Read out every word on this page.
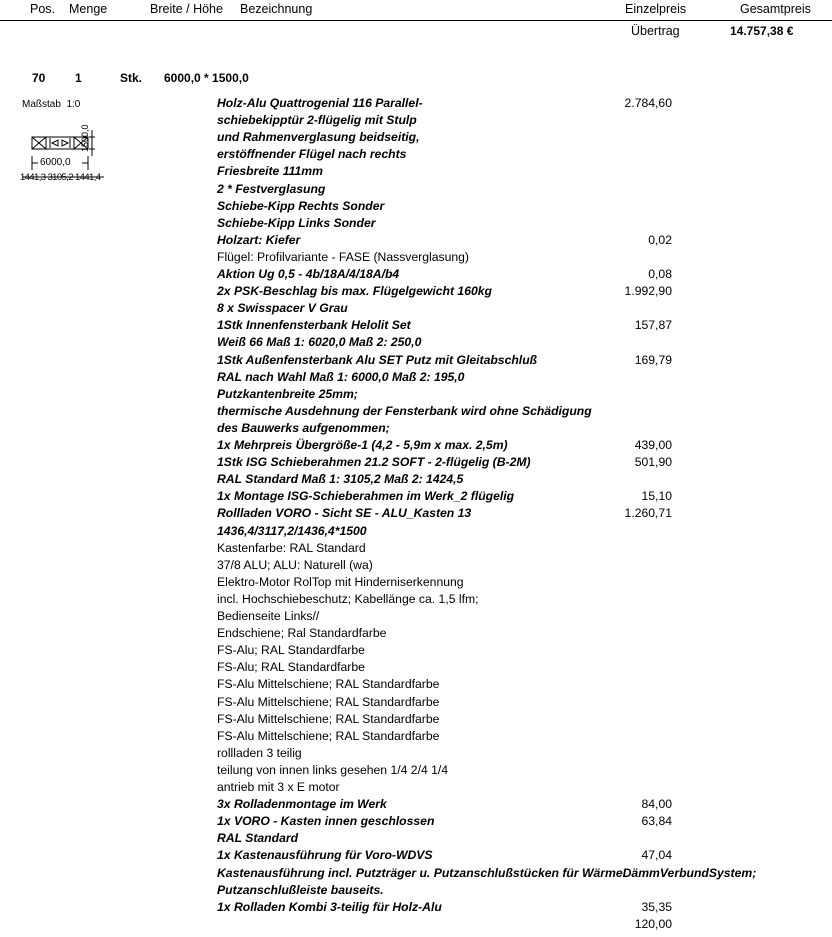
Pos. Menge	Breite / Höhe Bezeichnung	Einzelpreis	Gesamtpreis
Übertrag	14.757,38 €
70 1	Stk. 6000,0 * 1500,0
Maßstab 1:0
6000,0
1500,0
1441,3 3105,2 1441,4
Holz-Alu Quattrogenial 116 Parallel-	2.784,60
schiebekipptür 2-flügelig mit Stulp
und Rahmenverglasung beidseitig,
erstöffnender Flügel nach rechts
Friesbreite 111mm
2 * Festverglasung
Schiebe-Kipp Rechts Sonder
Schiebe-Kipp Links Sonder
Holzart: Kiefer	0,02
Flügel: Profilvariante - FASE (Nassverglasung)
Aktion Ug 0,5 - 4b/18A/4/18A/b4	0,08
2x PSK-Beschlag bis max. Flügelgewicht 160kg	1.992,90
8 x Swisspacer V Grau
1Stk Innenfensterbank Helolit Set	157,87
Weiß 66 Maß 1: 6020,0 Maß 2: 250,0
1Stk Außenfensterbank Alu SET Putz mit Gleitabschluß	169,79
RAL nach Wahl Maß 1: 6000,0 Maß 2: 195,0
Putzkantenbreite 25mm;
thermische Ausdehnung der Fensterbank wird ohne Schädigung
des Bauwerks aufgenommen;
1x Mehrpreis Übergröße-1 (4,2 - 5,9m x max. 2,5m)	439,00
1Stk ISG Schieberahmen 21.2 SOFT - 2-flügelig (B-2M)	501,90
RAL Standard Maß 1: 3105,2 Maß 2: 1424,5
1x Montage ISG-Schieberahmen im Werk_2 flügelig	15,10
Rollladen VORO - Sicht SE - ALU_Kasten 13	1.260,71
1436,4/3117,2/1436,4*1500
Kastenfarbe: RAL Standard
37/8 ALU; ALU: Naturell (wa)
Elektro-Motor RolTop mit Hinderniserkennung
incl. Hochschiebeschutz; Kabellänge ca. 1,5 lfm;
Bedienseite Links//
Endschiene; Ral Standardfarbe
FS-Alu; RAL Standardfarbe
FS-Alu; RAL Standardfarbe
FS-Alu Mittelschiene; RAL Standardfarbe
FS-Alu Mittelschiene; RAL Standardfarbe
FS-Alu Mittelschiene; RAL Standardfarbe
FS-Alu Mittelschiene; RAL Standardfarbe
rollladen 3 teilig
teilung von innen links gesehen 1/4 2/4 1/4
antrieb mit 3 x E motor
3x Rolladenmontage im Werk	84,00
1x VORO - Kasten innen geschlossen	63,84
RAL Standard
1x Kastenausführung für Voro-WDVS	47,04
Kastenausführung incl. Putzträger u. Putzanschlußstücken für WärmeDämmVerbundSystem;
Putzanschlußleiste bauseits.
1x Rolladen Kombi 3-teilig für Holz-Alu	35,35
120,00
